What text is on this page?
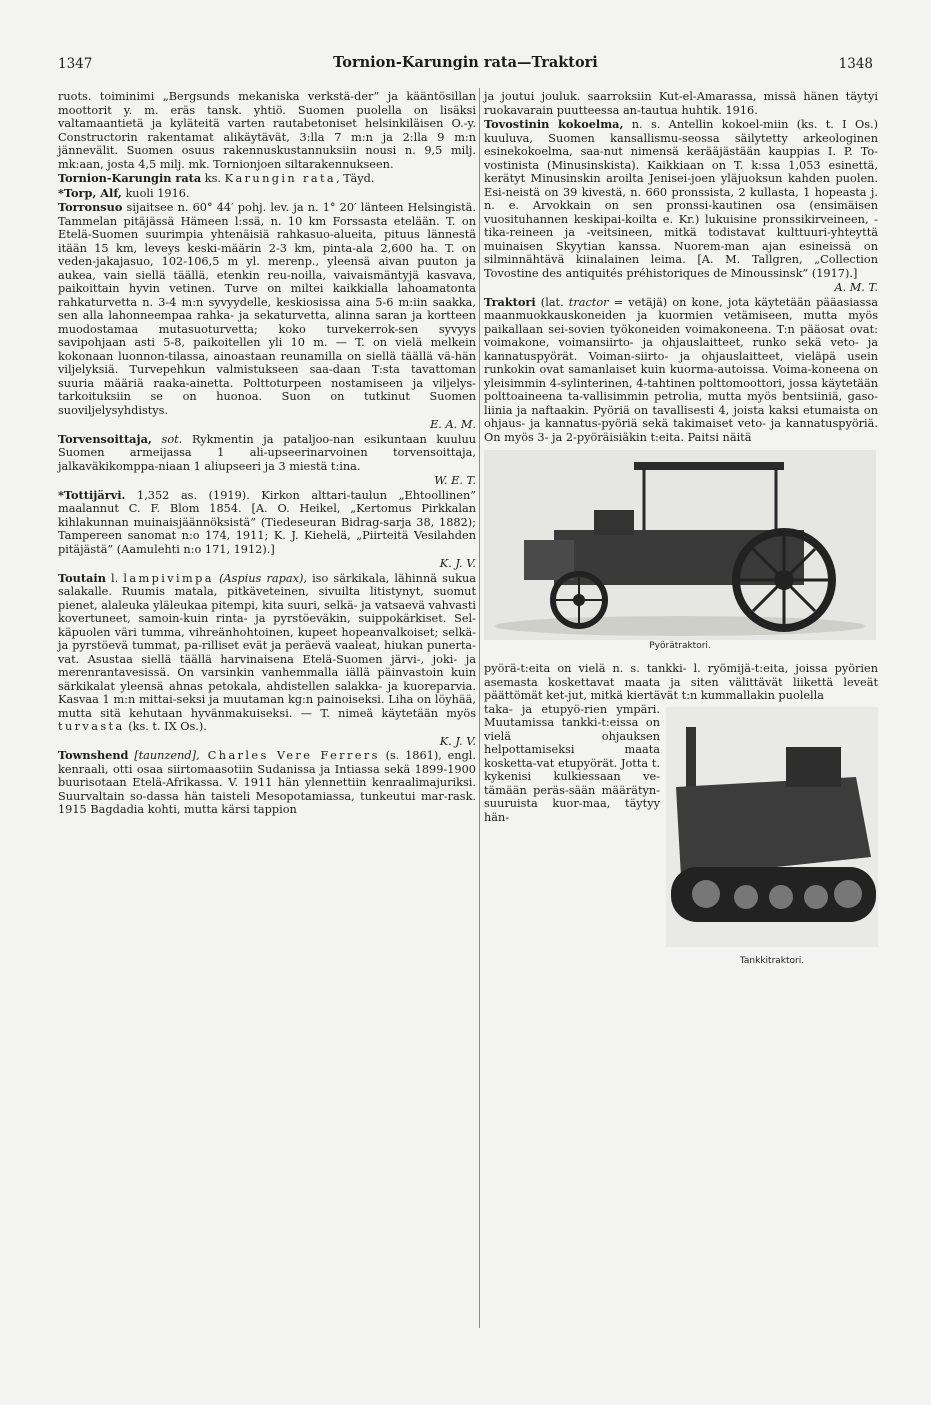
1347	Tornion-Karungin rata—Traktori	1348

ruots. toiminimi „Bergsunds mekaniska verkstä-der” ja kääntösillan moottorit y. m. eräs tansk. yhtiö. Suomen puolella on lisäksi valtamaantietä ja kyläteitä varten rautabetoniset helsinkiläisen O.-y. Constructorin rakentamat alikäytävät, 3:lla 7 m:n ja 2:lla 9 m:n jännevälit. Suomen osuus rakennuskustannuksiin nousi n. 9,5 milj. mk:aan, josta 4,5 milj. mk. Tornionjoen siltarakennukseen.

Tornion-Karungin rata ks. Karungin rata, Täyd.

*Torp, Alf, kuoli 1916.

Torronsuo sijaitsee n. 60° 44′ pohj. lev. ja n. 1° 20′ länteen Helsingistä. Tammelan pitäjässä Hämeen l:ssä, n. 10 km Forssasta etelään. T. on Etelä-Suomen suurimpia yhtenäisiä rahkasuo-alueita, pituus lännestä itään 15 km, leveys keski-määrin 2-3 km, pinta-ala 2,600 ha. T. on veden-jakajasuo, 102-106,5 m yl. merenp., yleensä aivan puuton ja aukea, vain siellä täällä, etenkin reu-noilla, vaivaismäntyjä kasvava, paikoittain hyvin vetinen. Turve on miltei kaikkialla lahoamatonta rahkaturvetta n. 3-4 m:n syvyydelle, keskiosissa aina 5-6 m:iin saakka, sen alla lahonneempaa rahka- ja sekaturvetta, alinna saran ja kortteen muodostamaa mutasuoturvetta; koko turvekerrok-sen syvyys savipohjaan asti 5-8, paikoitellen yli 10 m. — T. on vielä melkein kokonaan luonnon-tilassa, ainoastaan reunamilla on siellä täällä vä-hän viljelyksiä. Turvepehkun valmistukseen saa-daan T:sta tavattoman suuria määriä raaka-ainetta. Polttoturpeen nostamiseen ja viljelys-tarkoituksiin se on huonoa. Suon on tutkinut Suomen suoviljelysyhdistys.

E. A. M.

Torvensoittaja, sot. Rykmentin ja pataljoo-nan esikuntaan kuuluu Suomen armeijassa 1 ali-upseerinarvoinen torvensoittaja, jalkaväkikomppa-niaan 1 aliupseeri ja 3 miestä t:ina.

W. E. T.

*Tottijärvi. 1,352 as. (1919). Kirkon alttari-taulun „Ehtoollinen” maalannut C. F. Blom 1854. [A. O. Heikel, „Kertomus Pirkkalan kihlakunnan muinaisjäännöksistä” (Tiedeseuran Bidrag-sarja 38, 1882); Tampereen sanomat n:o 174, 1911; K. J. Kiehelä, „Piirteitä Vesilahden pitäjästä” (Aamulehti n:o 171, 1912).]

K. J. V.

Toutain l. lampivimpa (Aspius rapax), iso särkikala, lähinnä sukua salakalle. Ruumis matala, pitkäveteinen, sivuilta litistynyt, suomut pienet, alaleuka yläleukaa pitempi, kita suuri, selkä- ja vatsaevä vahvasti kovertuneet, samoin-kuin rinta- ja pyrstöeväkin, suippokärkiset. Sel-käpuolen väri tumma, vihreänhohtoinen, kupeet hopeanvalkoiset; selkä- ja pyrstöevä tummat, pa-rilliset evät ja peräevä vaaleat, hiukan punerta-vat. Asustaa siellä täällä harvinaisena Etelä-Suomen järvi-, joki- ja merenrantavesissä. On varsinkin vanhemmalla iällä päinvastoin kuin särkikalat yleensä ahnas petokala, ahdistellen salakka- ja kuoreparvia. Kasvaa 1 m:n mittai-seksi ja muutaman kg:n painoiseksi. Liha on löyhää, mutta sitä kehutaan hyvänmakuiseksi. — T. nimeä käytetään myös turvasta (ks. t. IX Os.).

K. J. V.

Townshend [taunzend], Charles Vere Ferrers (s. 1861), engl. kenraali, otti osaa siirtomaasotiin Sudanissa ja Intiassa sekä 1899-1900 buurisotaan Etelä-Afrikassa. V. 1911 hän ylennettiin kenraalimajuriksi. Suurvaltain so-dassa hän taisteli Mesopotamiassa, tunkeutui mar-rask. 1915 Bagdadia kohti, mutta kärsi tappion

ja joutui jouluk. saarroksiin Kut-el-Amarassa, missä hänen täytyi ruokavarain puutteessa an-tautua huhtik. 1916.

Tovostinin kokoelma, n. s. Antellin kokoel-miin (ks. t. I Os.) kuuluva, Suomen kansallismu-seossa säilytetty arkeologinen esinekokoelma, saa-nut nimensä kerääjästään kauppias I. P. To-vostinista (Minusinskista). Kaikkiaan on T. k:ssa 1,053 esinettä, kerätyt Minusinskin aroilta Jenisei-joen yläjuoksun kahden puolen. Esi-neistä on 39 kivestä, n. 660 pronssista, 2 kullasta, 1 hopeasta j. n. e. Arvokkain on sen pronssi-kautinen osa (ensimäisen vuosituhannen keskipai-koilta e. Kr.) lukuisine pronssikirveineen, -tika-reineen ja -veitsineen, mitkä todistavat kulttuuri-yhteyttä muinaisen Skyytian kanssa. Nuorem-man ajan esineissä on silminnähtävä kiinalainen leima. [A. M. Tallgren, „Collection Tovostine des antiquités préhistoriques de Minoussinsk” (1917).]

A. M. T.

Traktori (lat. tractor = vetäjä) on kone, jota käytetään pääasiassa maanmuokkauskoneiden ja kuormien vetämiseen, mutta myös paikallaan sei-sovien työkoneiden voimakoneena. T:n pääosat ovat: voimakone, voimansiirto- ja ohjauslaitteet, runko sekä veto- ja kannatuspyörät. Voiman-siirto- ja ohjauslaitteet, vieläpä usein runkokin ovat samanlaiset kuin kuorma-autoissa. Voima-koneena on yleisimmin 4-sylinterinen, 4-tahtinen polttomoottori, jossa käytetään polttoaineena ta-vallisimmin petrolia, mutta myös bentsiiniä, gaso-liinia ja naftaakin. Pyöriä on tavallisesti 4, joista kaksi etumaista on ohjaus- ja kannatus-pyöriä sekä takimaiset veto- ja kannatuspyöriä. On myös 3- ja 2-pyöräisiäkin t:eita. Paitsi näitä

Pyörätraktori.

pyörä-t:eita on vielä n. s. tankki- l. ryömijä-t:eita, joissa pyörien asemasta koskettavat maata ja siten välittävät liikettä leveät päättömät ket-jut, mitkä kiertävät t:n kummallakin puolella

Tankkitraktori.

taka- ja etupyö-rien ympäri. Muutamissa tankki-t:eissa on vielä ohjauksen helpottamiseksi maata kosketta-vat etupyörät. Jotta t. kykenisi kulkiessaan ve-tämään peräs-sään määrätyn-suuruista kuor-maa, täytyy hän-
